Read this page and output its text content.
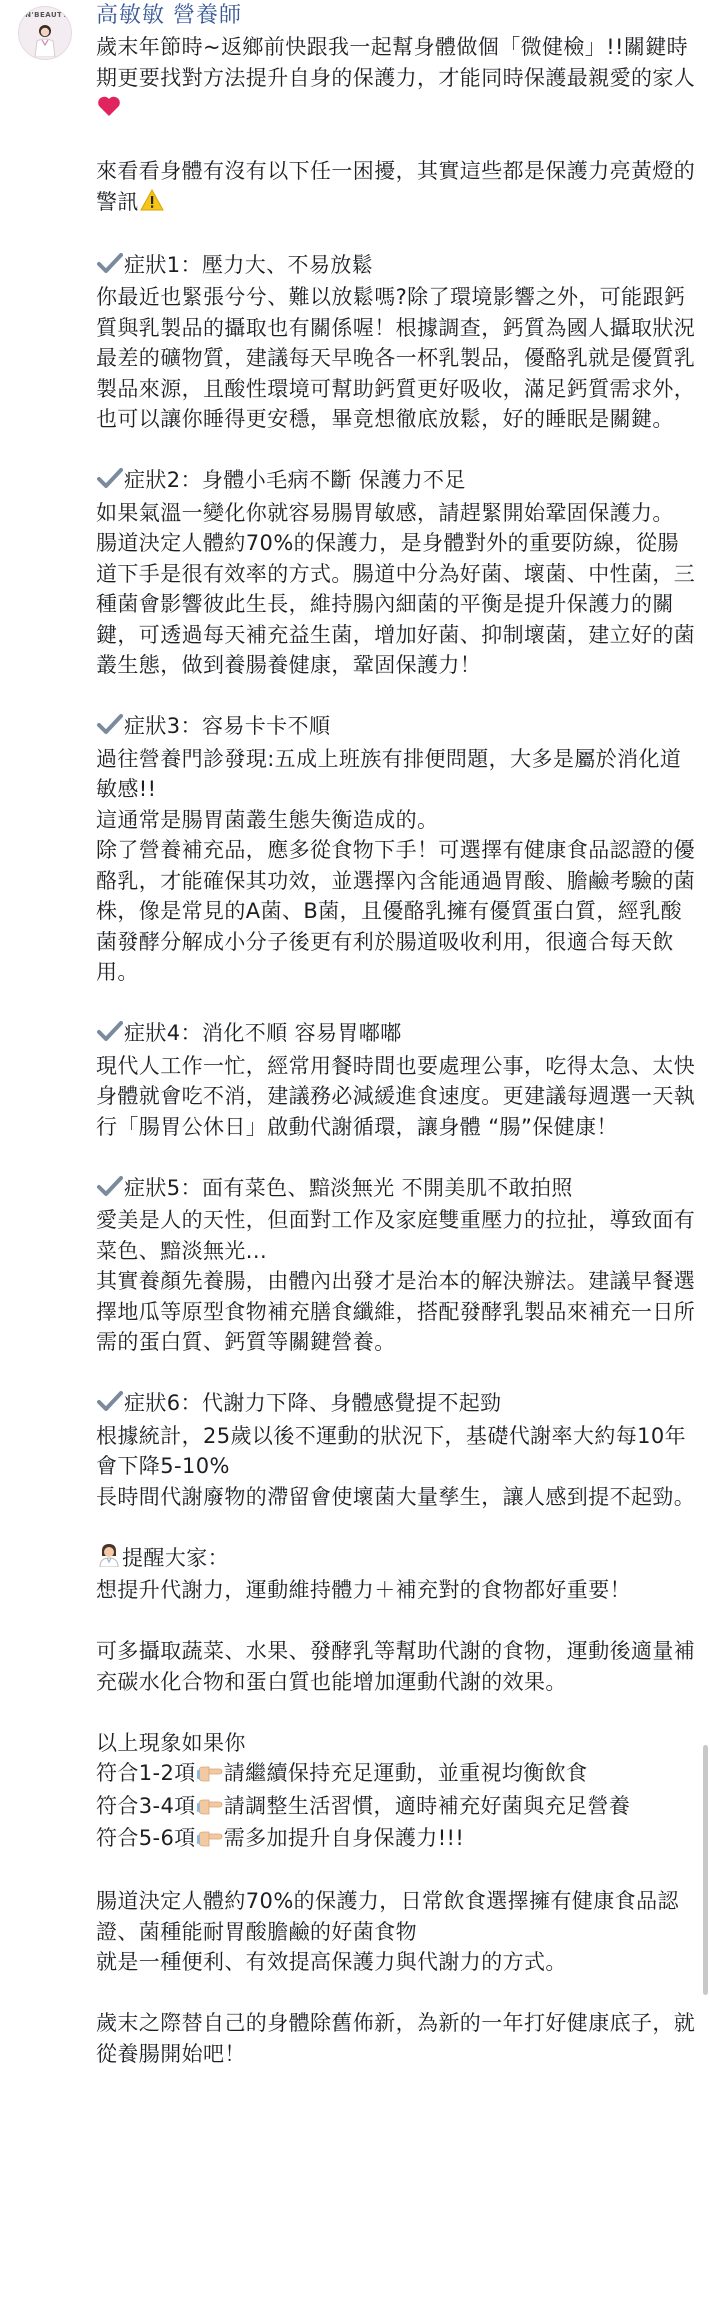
IN'BEAUTY 高敏敏 營養師

歲末年節時~返鄉前快跟我一起幫身體做個「微健檢」!!關鍵時期更要找對方法提升自身的保護力，才能同時保護最親愛的家人

來看看身體有沒有以下任一困擾，其實這些都是保護力亮黃燈的警訊

症狀1：壓力大、不易放鬆

你最近也緊張兮兮、難以放鬆嗎?除了環境影響之外，可能跟鈣質與乳製品的攝取也有關係喔！根據調查，鈣質為國人攝取狀況最差的礦物質，建議每天早晚各一杯乳製品，優酪乳就是優質乳製品來源，且酸性環境可幫助鈣質更好吸收，滿足鈣質需求外，也可以讓你睡得更安穩，畢竟想徹底放鬆，好的睡眠是關鍵。

症狀2：身體小毛病不斷 保護力不足

如果氣溫一變化你就容易腸胃敏感，請趕緊開始鞏固保護力。

腸道決定人體約70%的保護力，是身體對外的重要防線，從腸道下手是很有效率的方式。腸道中分為好菌、壞菌、中性菌，三種菌會影響彼此生長，維持腸內細菌的平衡是提升保護力的關鍵，可透過每天補充益生菌，增加好菌、抑制壞菌，建立好的菌叢生態，做到養腸養健康，鞏固保護力！

症狀3：容易卡卡不順

過往營養門診發現:五成上班族有排便問題，大多是屬於消化道敏感!!

這通常是腸胃菌叢生態失衡造成的。

除了營養補充品，應多從食物下手！可選擇有健康食品認證的優酪乳，才能確保其功效，並選擇內含能通過胃酸、膽鹼考驗的菌株，像是常見的A菌、B菌，且優酪乳擁有優質蛋白質，經乳酸菌發酵分解成小分子後更有利於腸道吸收利用，很適合每天飲用。

症狀4：消化不順 容易胃嘟嘟

現代人工作一忙，經常用餐時間也要處理公事，吃得太急、太快身體就會吃不消，建議務必減緩進食速度。更建議每週選一天執行「腸胃公休日」啟動代謝循環，讓身體 “腸”保健康！

症狀5：面有菜色、黯淡無光 不開美肌不敢拍照

愛美是人的天性，但面對工作及家庭雙重壓力的拉扯，導致面有菜色、黯淡無光...

其實養顏先養腸，由體內出發才是治本的解決辦法。建議早餐選擇地瓜等原型食物補充膳食纖維，搭配發酵乳製品來補充一日所需的蛋白質、鈣質等關鍵營養。

症狀6：代謝力下降、身體感覺提不起勁

根據統計，25歲以後不運動的狀況下，基礎代謝率大約每10年會下降5-10%

長時間代謝廢物的滯留會使壞菌大量孳生，讓人感到提不起勁。

提醒大家：

想提升代謝力，運動維持體力＋補充對的食物都好重要！

可多攝取蔬菜、水果、發酵乳等幫助代謝的食物，運動後適量補充碳水化合物和蛋白質也能增加運動代謝的效果。

以上現象如果你

符合1-2項 請繼續保持充足運動，並重視均衡飲食

符合3-4項 請調整生活習慣，適時補充好菌與充足營養

符合5-6項 需多加提升自身保護力!!!

腸道決定人體約70%的保護力，日常飲食選擇擁有健康食品認證、菌種能耐胃酸膽鹼的好菌食物

就是一種便利、有效提高保護力與代謝力的方式。

歲末之際替自己的身體除舊佈新，為新的一年打好健康底子，就從養腸開始吧！
